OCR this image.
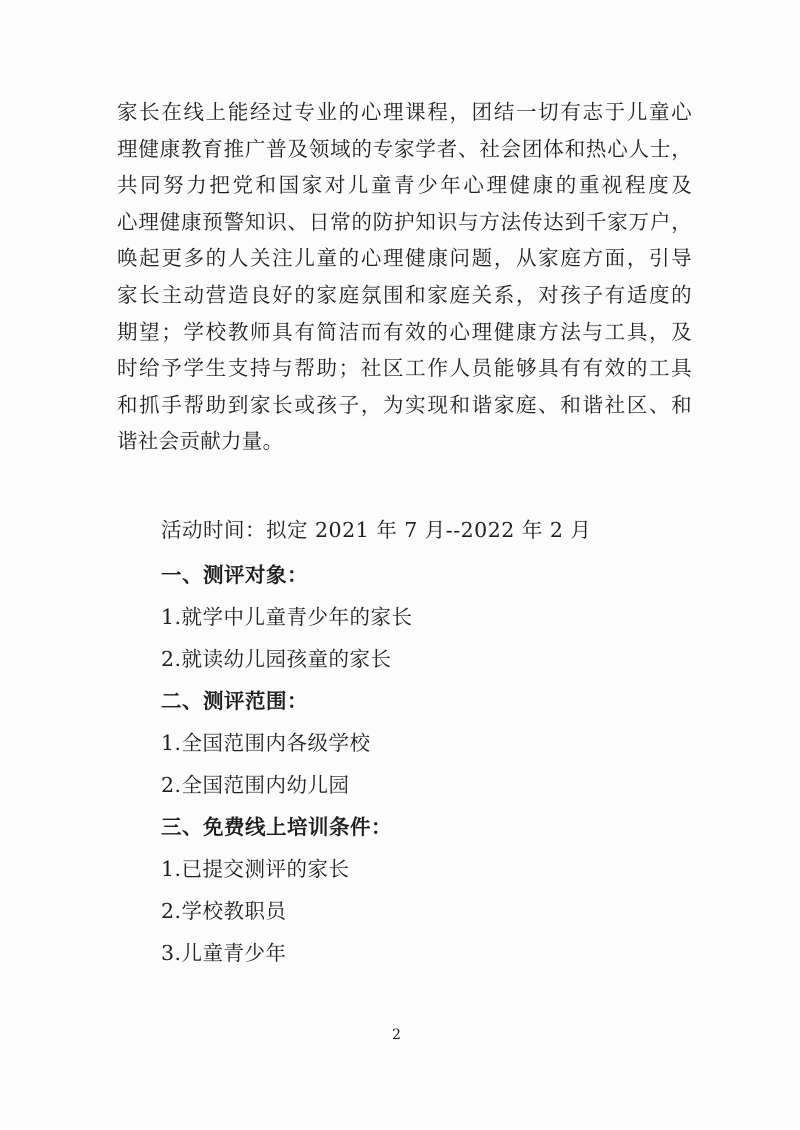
家长在线上能经过专业的心理课程，团结一切有志于儿童心
理健康教育推广普及领域的专家学者、社会团体和热心人士，
共同努力把党和国家对儿童青少年心理健康的重视程度及
心理健康预警知识、日常的防护知识与方法传达到千家万户，
唤起更多的人关注儿童的心理健康问题，从家庭方面，引导
家长主动营造良好的家庭氛围和家庭关系，对孩子有适度的
期望；学校教师具有简洁而有效的心理健康方法与工具，及
时给予学生支持与帮助；社区工作人员能够具有有效的工具
和抓手帮助到家长或孩子，为实现和谐家庭、和谐社区、和
谐社会贡献力量。
活动时间：拟定 2021 年 7 月--2022 年 2 月
一、测评对象：
1.就学中儿童青少年的家长
2.就读幼儿园孩童的家长
二、测评范围：
1.全国范围内各级学校
2.全国范围内幼儿园
三、免费线上培训条件：
1.已提交测评的家长
2.学校教职员
3.儿童青少年
2
